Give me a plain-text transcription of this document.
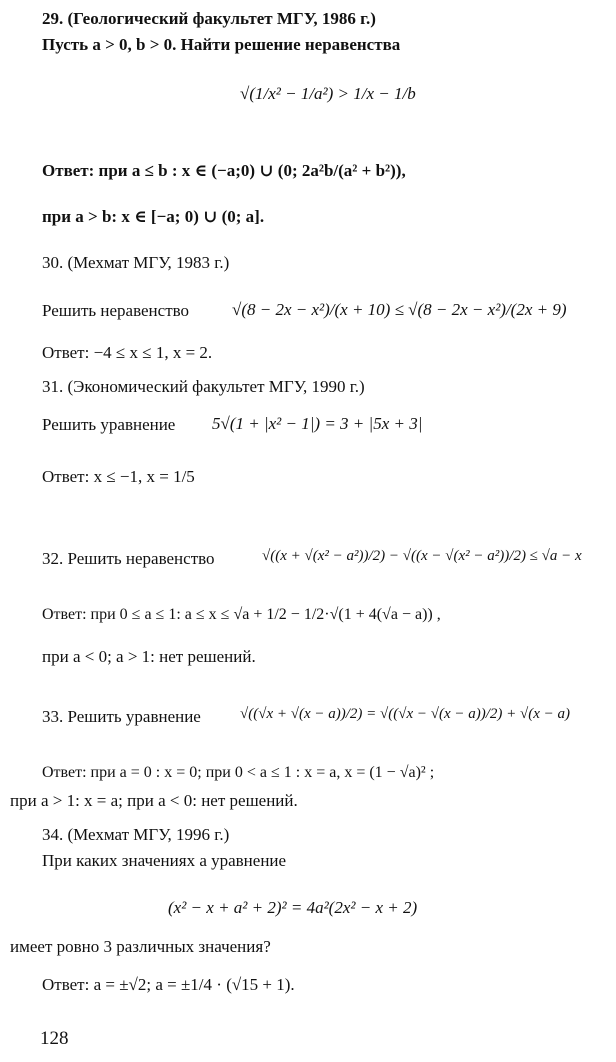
29. (Геологический факультет МГУ, 1986 г.)
Пусть a > 0, b > 0. Найти решение неравенства
√(1/x² − 1/a²) > 1/x − 1/b
Ответ: при a ≤ b : x ∈ (−a;0) ∪ (0; 2a²b/(a² + b²)),
при a > b: x ∈ [−a; 0) ∪ (0; a].
30. (Мехмат МГУ, 1983 г.)
Решить неравенство	√(8 − 2x − x²)/(x + 10) ≤ √(8 − 2x − x²)/(2x + 9)
Ответ: −4 ≤ x ≤ 1, x = 2.
31. (Экономический факультет МГУ, 1990 г.)
Решить уравнение 5√(1 + |x² − 1|) = 3 + |5x + 3|
Ответ: x ≤ −1, x = 1/5
32. Решить неравенство	√((x + √(x² − a²))/2) − √((x − √(x² − a²))/2) ≤ √a − x
Ответ: при 0 ≤ a ≤ 1: a ≤ x ≤ √a + 1/2 − 1/2·√(1 + 4(√a − a)) ,
при a < 0; a > 1: нет решений.
33. Решить уравнение	√((√x + √(x − a))/2) = √((√x − √(x − a))/2) + √(x − a)
Ответ: при a = 0 : x = 0; при 0 < a ≤ 1 : x = a, x = (1 − √a)² ;
при a > 1: x = a; при a < 0: нет решений.
34. (Мехмат МГУ, 1996 г.)
При каких значениях a уравнение
(x² − x + a² + 2)² = 4a²(2x² − x + 2)
имеет ровно 3 различных значения?
Ответ: a = ±√2; a = ±1/4 · (√15 + 1).
128
